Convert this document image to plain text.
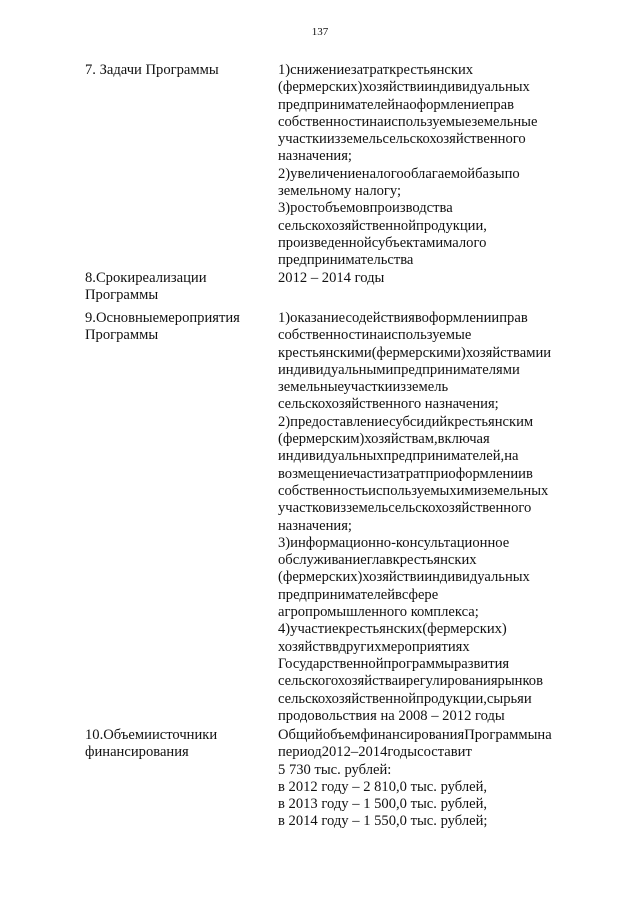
137
7. Задачи Программы	1)снижениезатраткрестьянских
(фермерских)хозяйствииндивидуальных
предпринимателейнаоформлениеправ
собственностинаиспользуемыеземельные
участкиизземельсельскохозяйственного
назначения;
2)увеличениеналогооблагаемойбазыпо
земельному налогу;
3)ростобъемовпроизводства
сельскохозяйственнойпродукции,
произведеннойсубъектамималого
предпринимательства
8.Срокиреализации
Программы
2012 – 2014 годы
9.Основныемероприятия
Программы
1)оказаниесодействиявоформленииправ
собственностинаиспользуемые
крестьянскими(фермерскими)хозяйствамии
индивидуальнымипредпринимателями
земельныеучасткиизземель
сельскохозяйственного назначения;
2)предоставлениесубсидийкрестьянским
(фермерским)хозяйствам,включая
индивидуальныхпредпринимателей,на
возмещениечастизатратприоформлениив
собственностьиспользуемыхимиземельных
участковизземельсельскохозяйственного
назначения;
3)информационно-консультационное
обслуживаниеглавкрестьянских
(фермерских)хозяйствииндивидуальных
предпринимателейвсфере
агропромышленного комплекса;
4)участиекрестьянских(фермерских)
хозяйстввдругихмероприятиях
Государственнойпрограммыразвития
сельскогохозяйстваирегулированиярынков
сельскохозяйственнойпродукции,сырьяи
продовольствия на 2008 – 2012 годы
10.Объемиисточники
финансирования
ОбщийобъемфинансированияПрограммына
период2012–2014годысоставит
5 730 тыс. рублей:
в 2012 году – 2 810,0 тыс. рублей,
в 2013 году – 1 500,0 тыс. рублей,
в 2014 году – 1 550,0 тыс. рублей;
